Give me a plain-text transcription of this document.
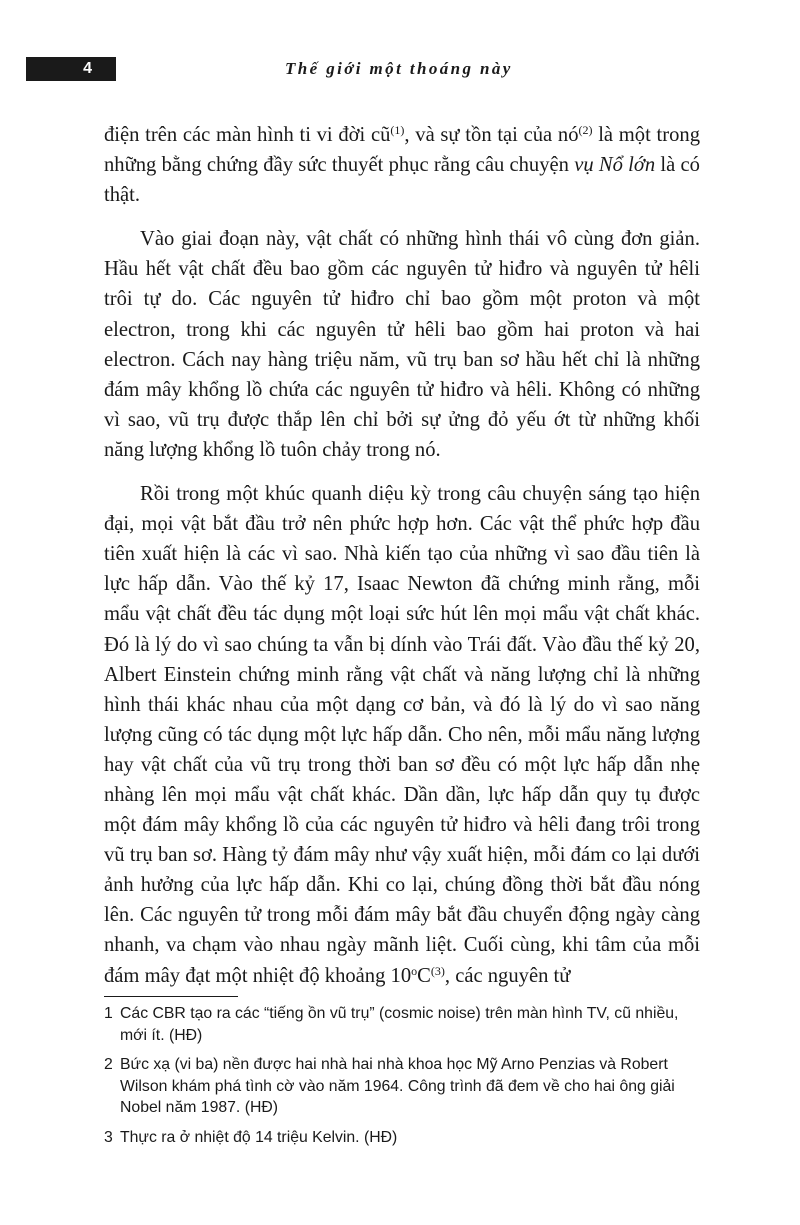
4	Thế giới một thoáng này

điện trên các màn hình ti vi đời $cũ^{(1)}$, và sự tồn tại của $nó^{(2)}$ là một trong những bằng chứng đầy sức thuyết phục rằng câu chuyện vụ Nổ lớn là có thật.

Vào giai đoạn này, vật chất có những hình thái vô cùng đơn giản. Hầu hết vật chất đều bao gồm các nguyên tử hiđro và nguyên tử hêli trôi tự do. Các nguyên tử hiđro chỉ bao gồm một proton và một electron, trong khi các nguyên tử hêli bao gồm hai proton và hai electron. Cách nay hàng triệu năm, vũ trụ ban sơ hầu hết chỉ là những đám mây khổng lồ chứa các nguyên tử hiđro và hêli. Không có những vì sao, vũ trụ được thắp lên chỉ bởi sự ửng đỏ yếu ớt từ những khối năng lượng khổng lồ tuôn chảy trong nó.

Rồi trong một khúc quanh diệu kỳ trong câu chuyện sáng tạo hiện đại, mọi vật bắt đầu trở nên phức hợp hơn. Các vật thể phức hợp đầu tiên xuất hiện là các vì sao. Nhà kiến tạo của những vì sao đầu tiên là lực hấp dẫn. Vào thế kỷ 17, Isaac Newton đã chứng minh rằng, mỗi mẩu vật chất đều tác dụng một loại sức hút lên mọi mẩu vật chất khác. Đó là lý do vì sao chúng ta vẫn bị dính vào Trái đất. Vào đầu thế kỷ 20, Albert Einstein chứng minh rằng vật chất và năng lượng chỉ là những hình thái khác nhau của một dạng cơ bản, và đó là lý do vì sao năng lượng cũng có tác dụng một lực hấp dẫn. Cho nên, mỗi mẩu năng lượng hay vật chất của vũ trụ trong thời ban sơ đều có một lực hấp dẫn nhẹ nhàng lên mọi mẩu vật chất khác. Dần dần, lực hấp dẫn quy tụ được một đám mây khổng lồ của các nguyên tử hiđro và hêli đang trôi trong vũ trụ ban sơ. Hàng tỷ đám mây như vậy xuất hiện, mỗi đám co lại dưới ảnh hưởng của lực hấp dẫn. Khi co lại, chúng đồng thời bắt đầu nóng lên. Các nguyên tử trong mỗi đám mây bắt đầu chuyển động ngày càng nhanh, va chạm vào nhau ngày mãnh liệt. Cuối cùng, khi tâm của mỗi đám mây đạt một nhiệt độ khoảng $10^oC^{(3)}$, các nguyên tử

1 Các CBR tạo ra các “tiếng ồn vũ trụ” (cosmic noise) trên màn hình TV, cũ nhiều, mới ít. (HĐ)
2 Bức xạ (vi ba) nền được hai nhà hai nhà khoa học Mỹ Arno Penzias và Robert Wilson khám phá tình cờ vào năm 1964. Công trình đã đem về cho hai ông giải Nobel năm 1987. (HĐ)
3 Thực ra ở nhiệt độ 14 triệu Kelvin. (HĐ)
